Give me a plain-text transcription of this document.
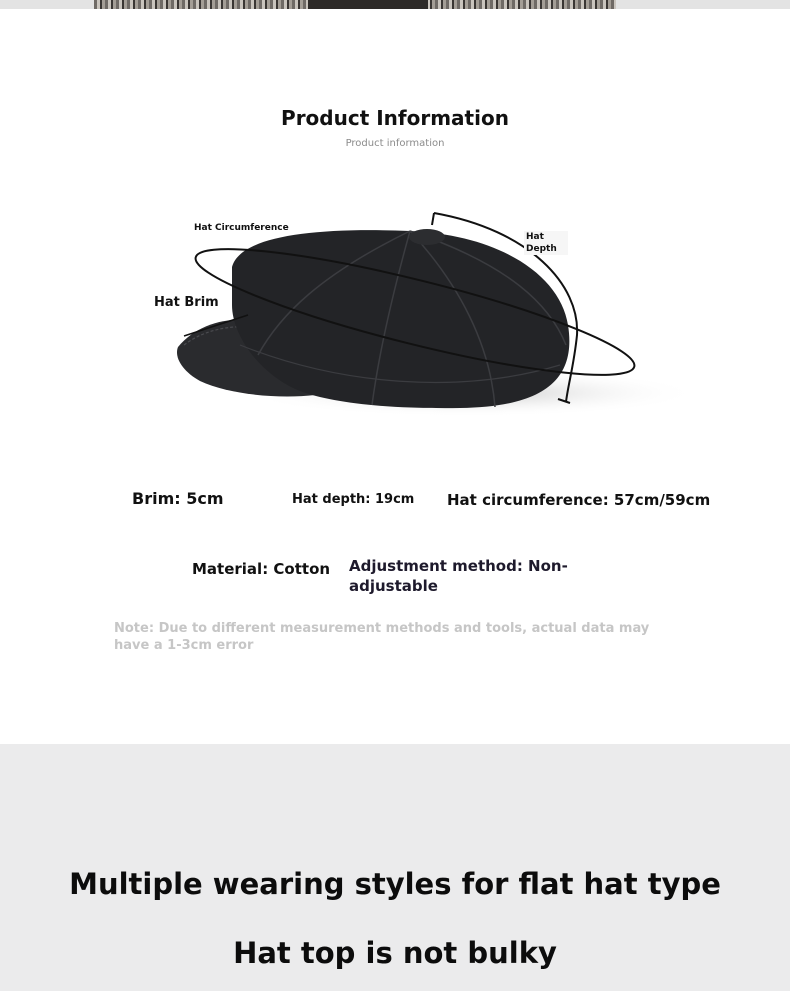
Product Information
Product information
Hat Circumference
Hat Brim
Hat Depth
Brim: 5cm	Hat depth: 19cm Hat circumference: 57cm/59cm
Material: Cotton Adjustment method: Non-adjustable
Note: Due to different measurement methods and tools, actual data may have a 1-3cm error
Multiple wearing styles for flat hat type
Hat top is not bulky
